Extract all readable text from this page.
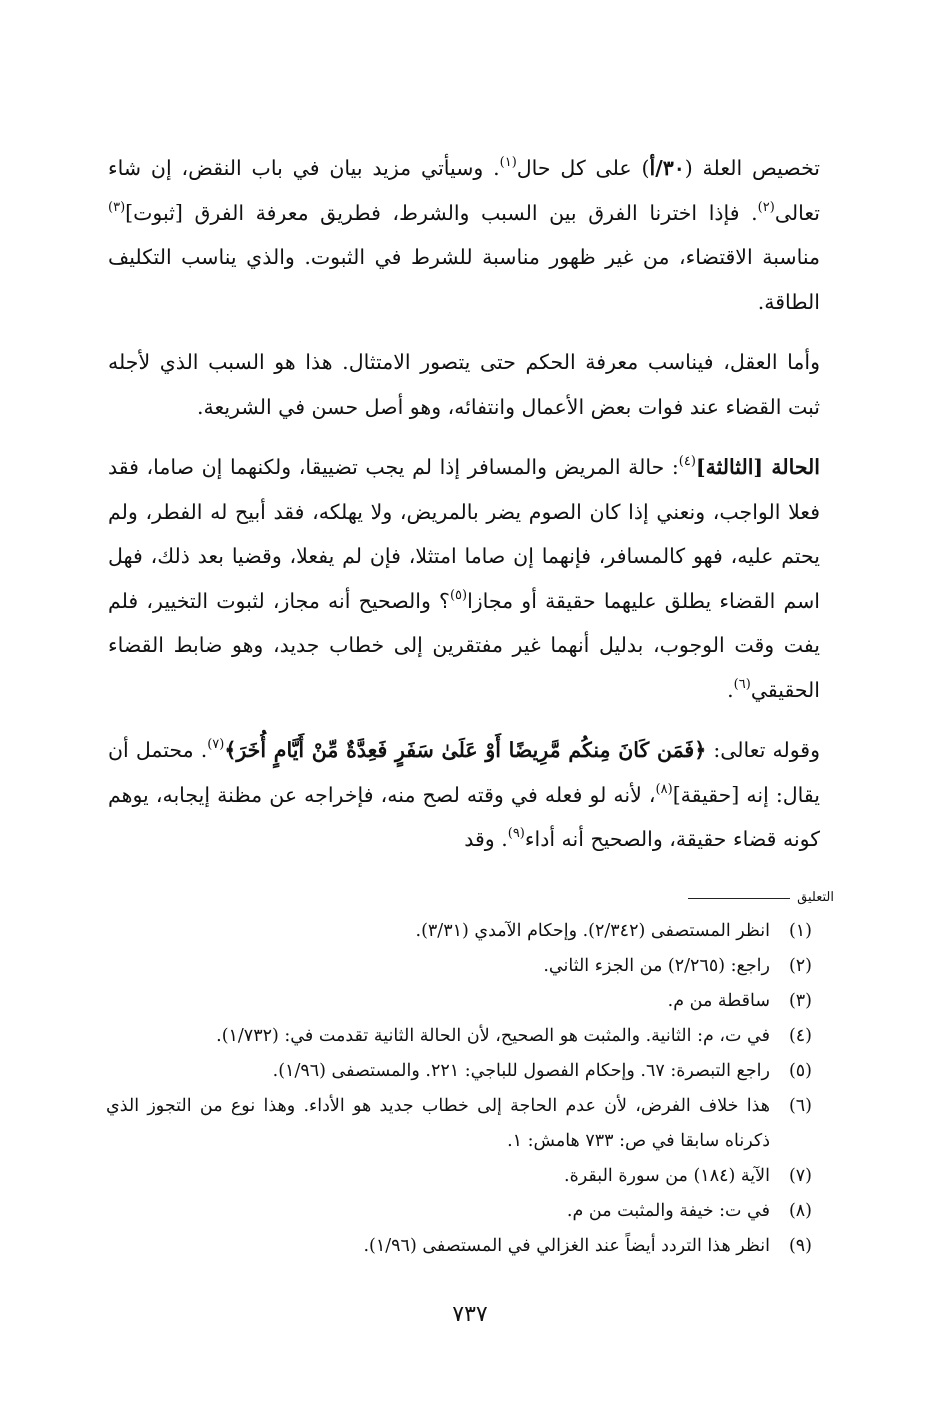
تخصيص العلة (٣٠/أ) على كل حال$^{(١)}$. وسيأتي مزيد بيان في باب النقض، إن شاء تعالى$^{(٢)}$. فإذا اخترنا الفرق بين السبب والشرط، فطريق معرفة الفرق [ثبوت]$^{(٣)}$ مناسبة الاقتضاء، من غير ظهور مناسبة للشرط في الثبوت. والذي يناسب التكليف الطاقة.

وأما العقل، فيناسب معرفة الحكم حتى يتصور الامتثال. هذا هو السبب الذي لأجله ثبت القضاء عند فوات بعض الأعمال وانتفائه، وهو أصل حسن في الشريعة.

الحالة [الثالثة]$^{(٤)}$: حالة المريض والمسافر إذا لم يجب تضييقا، ولكنهما إن صاما، فقد فعلا الواجب، ونعني إذا كان الصوم يضر بالمريض، ولا يهلكه، فقد أبيح له الفطر، ولم يحتم عليه، فهو كالمسافر، فإنهما إن صاما امتثلا، فإن لم يفعلا، وقضيا بعد ذلك، فهل اسم القضاء يطلق عليهما حقيقة أو مجازا$^{(٥)}$؟ والصحيح أنه مجاز، لثبوت التخيير، فلم يفت وقت الوجوب، بدليل أنهما غير مفتقرين إلى خطاب جديد، وهو ضابط القضاء الحقيقي$^{(٦)}$.

وقوله تعالى: ﴿فَمَن كَانَ مِنكُم مَّرِيضًا أَوْ عَلَىٰ سَفَرٍ فَعِدَّةٌ مِّنْ أَيَّامٍ أُخَرَ﴾$^{(٧)}$. محتمل أن يقال: إنه [حقيقة]$^{(٨)}$، لأنه لو فعله في وقته لصح منه، فإخراجه عن مظنة إيجابه، يوهم كونه قضاء حقيقة، والصحيح أنه أداء$^{(٩)}$. وقد

التعليق
(١)
انظر المستصفى (٢/٣٤٢). وإحكام الآمدي (٣/٣١).
(٢)
راجع: (٢/٢٦٥) من الجزء الثاني.
(٣)
ساقطة من م.
(٤)
في ت، م: الثانية. والمثبت هو الصحيح، لأن الحالة الثانية تقدمت في: (١/٧٣٢).
(٥)
راجع التبصرة: ٦٧. وإحكام الفصول للباجي: ٢٢١. والمستصفى (١/٩٦).
(٦)
هذا خلاف الفرض، لأن عدم الحاجة إلى خطاب جديد هو الأداء. وهذا نوع من التجوز الذي ذكرناه سابقا في ص: ٧٣٣ هامش: ١.
(٧)
الآية (١٨٤) من سورة البقرة.
(٨)
في ت: خيفة والمثبت من م.
(٩)
انظر هذا التردد أيضاً عند الغزالي في المستصفى (١/٩٦).
٧٣٧
